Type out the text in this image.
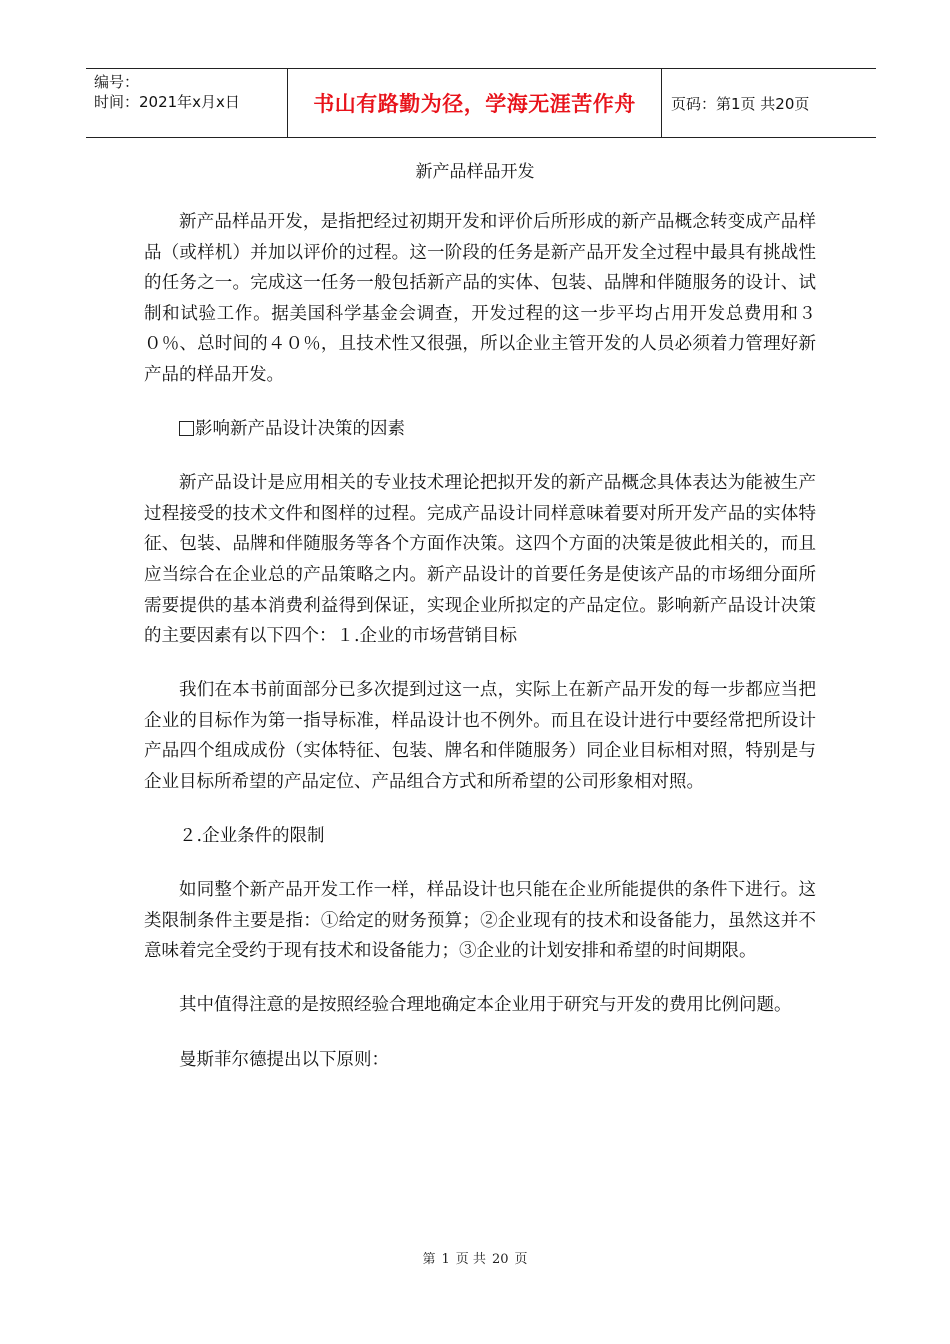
编号：
时间：2021年x月x日	书山有路勤为径，学海无涯苦作舟 页码：第1页 共20页
新产品样品开发

新产品样品开发，是指把经过初期开发和评价后所形成的新产品概念转变成产品样品（或样机）并加以评价的过程。这一阶段的任务是新产品开发全过程中最具有挑战性的任务之一。完成这一任务一般包括新产品的实体、包装、品牌和伴随服务的设计、试制和试验工作。据美国科学基金会调查，开发过程的这一步平均占用开发总费用和３０％、总时间的４０％，且技术性又很强，所以企业主管开发的人员必须着力管理好新产品的样品开发。

影响新产品设计决策的因素

新产品设计是应用相关的专业技术理论把拟开发的新产品概念具体表达为能被生产过程接受的技术文件和图样的过程。完成产品设计同样意味着要对所开发产品的实体特征、包装、品牌和伴随服务等各个方面作决策。这四个方面的决策是彼此相关的，而且应当综合在企业总的产品策略之内。新产品设计的首要任务是使该产品的市场细分面所需要提供的基本消费利益得到保证，实现企业所拟定的产品定位。影响新产品设计决策的主要因素有以下四个：１.企业的市场营销目标

我们在本书前面部分已多次提到过这一点，实际上在新产品开发的每一步都应当把企业的目标作为第一指导标准，样品设计也不例外。而且在设计进行中要经常把所设计产品四个组成成份（实体特征、包装、牌名和伴随服务）同企业目标相对照，特别是与企业目标所希望的产品定位、产品组合方式和所希望的公司形象相对照。

２.企业条件的限制

如同整个新产品开发工作一样，样品设计也只能在企业所能提供的条件下进行。这类限制条件主要是指：①给定的财务预算；②企业现有的技术和设备能力，虽然这并不意味着完全受约于现有技术和设备能力；③企业的计划安排和希望的时间期限。

其中值得注意的是按照经验合理地确定本企业用于研究与开发的费用比例问题。

曼斯菲尔德提出以下原则：

第 1 页 共 20 页
